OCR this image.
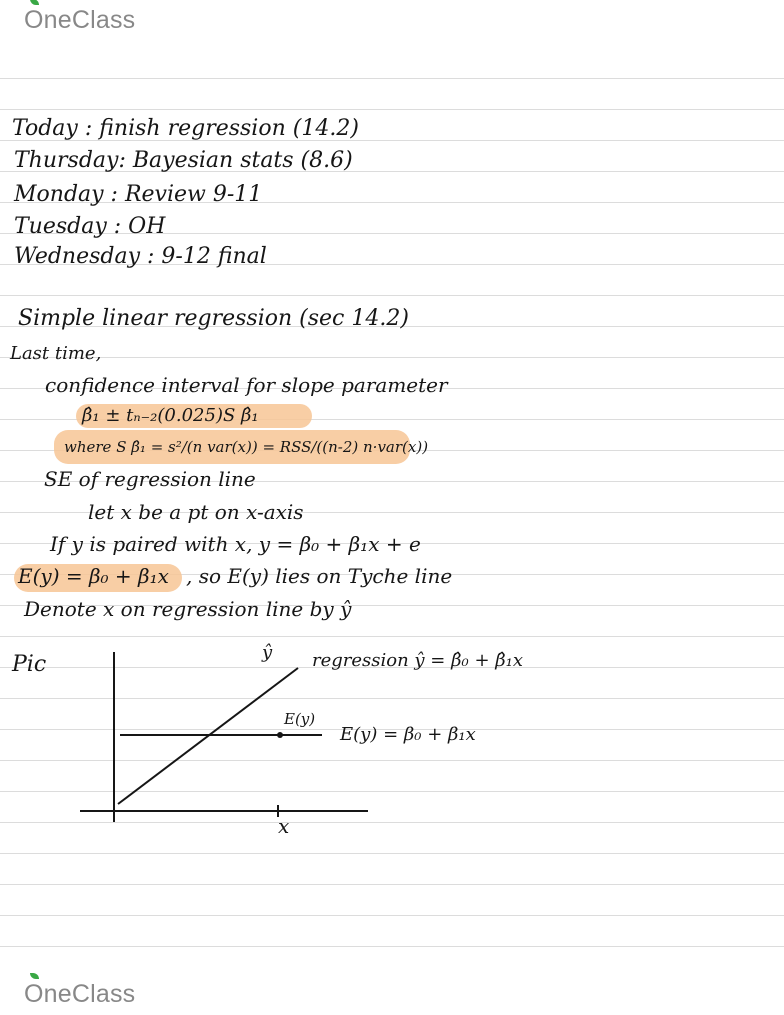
OneClass
Today : finish regression (14.2)
Thursday: Bayesian stats (8.6)
Monday : Review 9-11
Tuesday : OH
Wednesday : 9-12 final
Simple linear regression (sec 14.2)
Last time,
confidence interval for slope parameter
β̂₁ ± tₙ₋₂(0.025)S β̂₁
where S β̂₁ = s²/(n var(x)) = RSS/((n-2) n·var(x))
SE of regression line
let x be a pt on x-axis
If y is paired with x, y = β₀ + β₁x + e
E(y) = β₀ + β₁x , so E(y) lies on Tyche line
Denote x on regression line by ŷ
Pic	ŷ regression ŷ = β̂₀ + β̂₁x
E(y)
E(y) = β₀ + β₁x
x
OneClass
